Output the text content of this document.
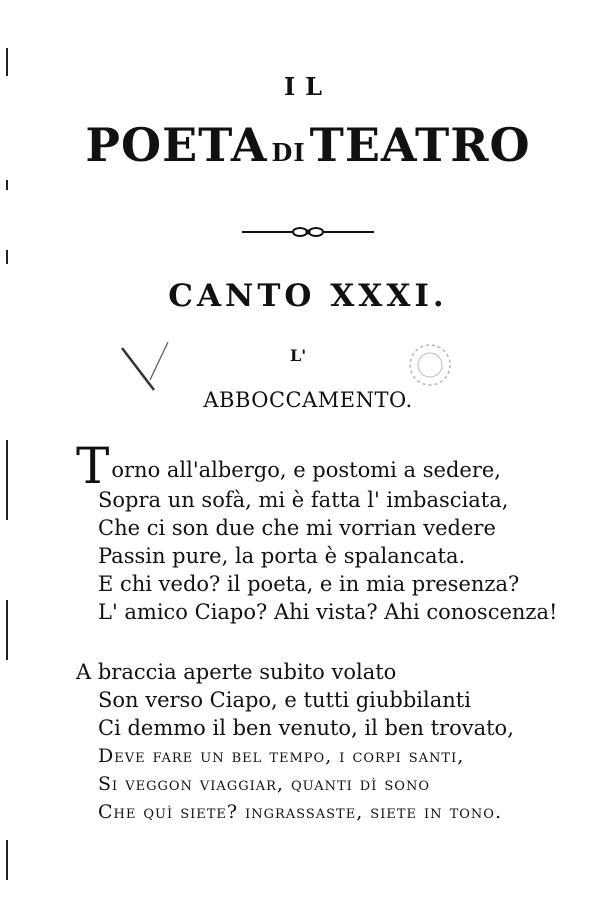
IL
POETA DITEATRO
CANTO XXXI.
L'
ABBOCCAMENTO.
Torno all'albergo, e postomi a sedere,
Sopra un sofà, mi è fatta l' imbasciata,
Che ci son due che mi vorrian vedere
Passin pure, la porta è spalancata.
E chi vedo? il poeta, e in mia presenza?
L' amico Ciapo? Ahi vista? Ahi conoscenza!
A braccia aperte subito volato
Son verso Ciapo, e tutti giubbilanti
Ci demmo il ben venuto, il ben trovato,
Deve fare un bel tempo, i corpi santi,
Si veggon viaggiar, quanti dì sono
Che quì siete? ingrassaste, siete in tono.
